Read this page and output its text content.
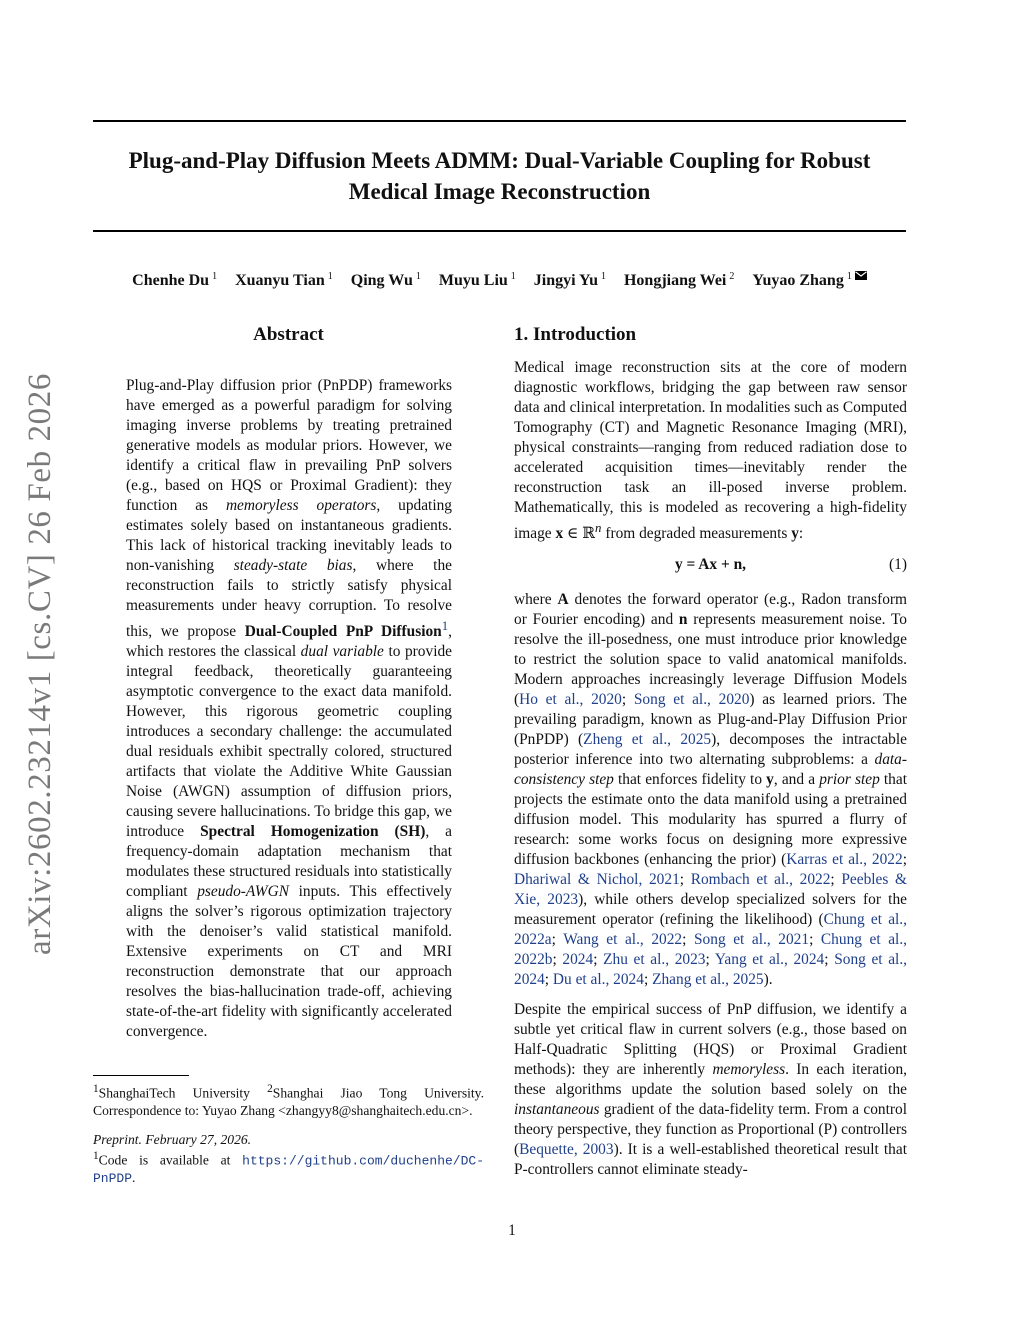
arXiv:2602.23214v1 [cs.CV] 26 Feb 2026
Plug-and-Play Diffusion Meets ADMM: Dual-Variable Coupling for Robust Medical Image Reconstruction
Chenhe Du $^1$ Xuanyu Tian $^1$ Qing Wu $^1$ Muyu Liu $^1$ Jingyi Yu $^1$ Hongjiang Wei $^2$ Yuyao Zhang $^1$
Abstract

Plug-and-Play diffusion prior (PnPDP) frameworks have emerged as a powerful paradigm for solving imaging inverse problems by treating pretrained generative models as modular priors. However, we identify a critical flaw in prevailing PnP solvers (e.g., based on HQS or Proximal Gradient): they function as memoryless operators, updating estimates solely based on instantaneous gradients. This lack of historical tracking inevitably leads to non-vanishing steady-state bias, where the reconstruction fails to strictly satisfy physical measurements under heavy corruption. To resolve this, we propose Dual-Coupled PnP Diffusion$^1$, which restores the classical dual variable to provide integral feedback, theoretically guaranteeing asymptotic convergence to the exact data manifold. However, this rigorous geometric coupling introduces a secondary challenge: the accumulated dual residuals exhibit spectrally colored, structured artifacts that violate the Additive White Gaussian Noise (AWGN) assumption of diffusion priors, causing severe hallucinations. To bridge this gap, we introduce Spectral Homogenization (SH), a frequency-domain adaptation mechanism that modulates these structured residuals into statistically compliant pseudo-AWGN inputs. This effectively aligns the solver’s rigorous optimization trajectory with the denoiser’s valid statistical manifold. Extensive experiments on CT and MRI reconstruction demonstrate that our approach resolves the bias-hallucination trade-off, achieving state-of-the-art fidelity with significantly accelerated convergence.

$^1$ShanghaiTech University $^2$Shanghai Jiao Tong University. Correspondence to: Yuyao Zhang <zhangyy8@shanghaitech.edu.cn>.

Preprint. February 27, 2026.

$^1$Code is available at https://github.com/duchenhe/DC-PnPDP.

1. Introduction

Medical image reconstruction sits at the core of modern diagnostic workflows, bridging the gap between raw sensor data and clinical interpretation. In modalities such as Computed Tomography (CT) and Magnetic Resonance Imaging (MRI), physical constraints—ranging from reduced radiation dose to accelerated acquisition times—inevitably render the reconstruction task an ill-posed inverse problem. Mathematically, this is modeled as recovering a high-fidelity image x ∈ ℝ$^n$ from degraded measurements y:

y = Ax + n,	(1)

where A denotes the forward operator (e.g., Radon transform or Fourier encoding) and n represents measurement noise. To resolve the ill-posedness, one must introduce prior knowledge to restrict the solution space to valid anatomical manifolds. Modern approaches increasingly leverage Diffusion Models (Ho et al., 2020; Song et al., 2020) as learned priors. The prevailing paradigm, known as Plug-and-Play Diffusion Prior (PnPDP) (Zheng et al., 2025), decomposes the intractable posterior inference into two alternating subproblems: a data-consistency step that enforces fidelity to y, and a prior step that projects the estimate onto the data manifold using a pretrained diffusion model. This modularity has spurred a flurry of research: some works focus on designing more expressive diffusion backbones (enhancing the prior) (Karras et al., 2022; Dhariwal & Nichol, 2021; Rombach et al., 2022; Peebles & Xie, 2023), while others develop specialized solvers for the measurement operator (refining the likelihood) (Chung et al., 2022a; Wang et al., 2022; Song et al., 2021; Chung et al., 2022b; 2024; Zhu et al., 2023; Yang et al., 2024; Song et al., 2024; Du et al., 2024; Zhang et al., 2025).

Despite the empirical success of PnP diffusion, we identify a subtle yet critical flaw in current solvers (e.g., those based on Half-Quadratic Splitting (HQS) or Proximal Gradient methods): they are inherently memoryless. In each iteration, these algorithms update the solution based solely on the instantaneous gradient of the data-fidelity term. From a control theory perspective, they function as Proportional (P) controllers (Bequette, 2003). It is a well-established theoretical result that P-controllers cannot eliminate steady-

1
